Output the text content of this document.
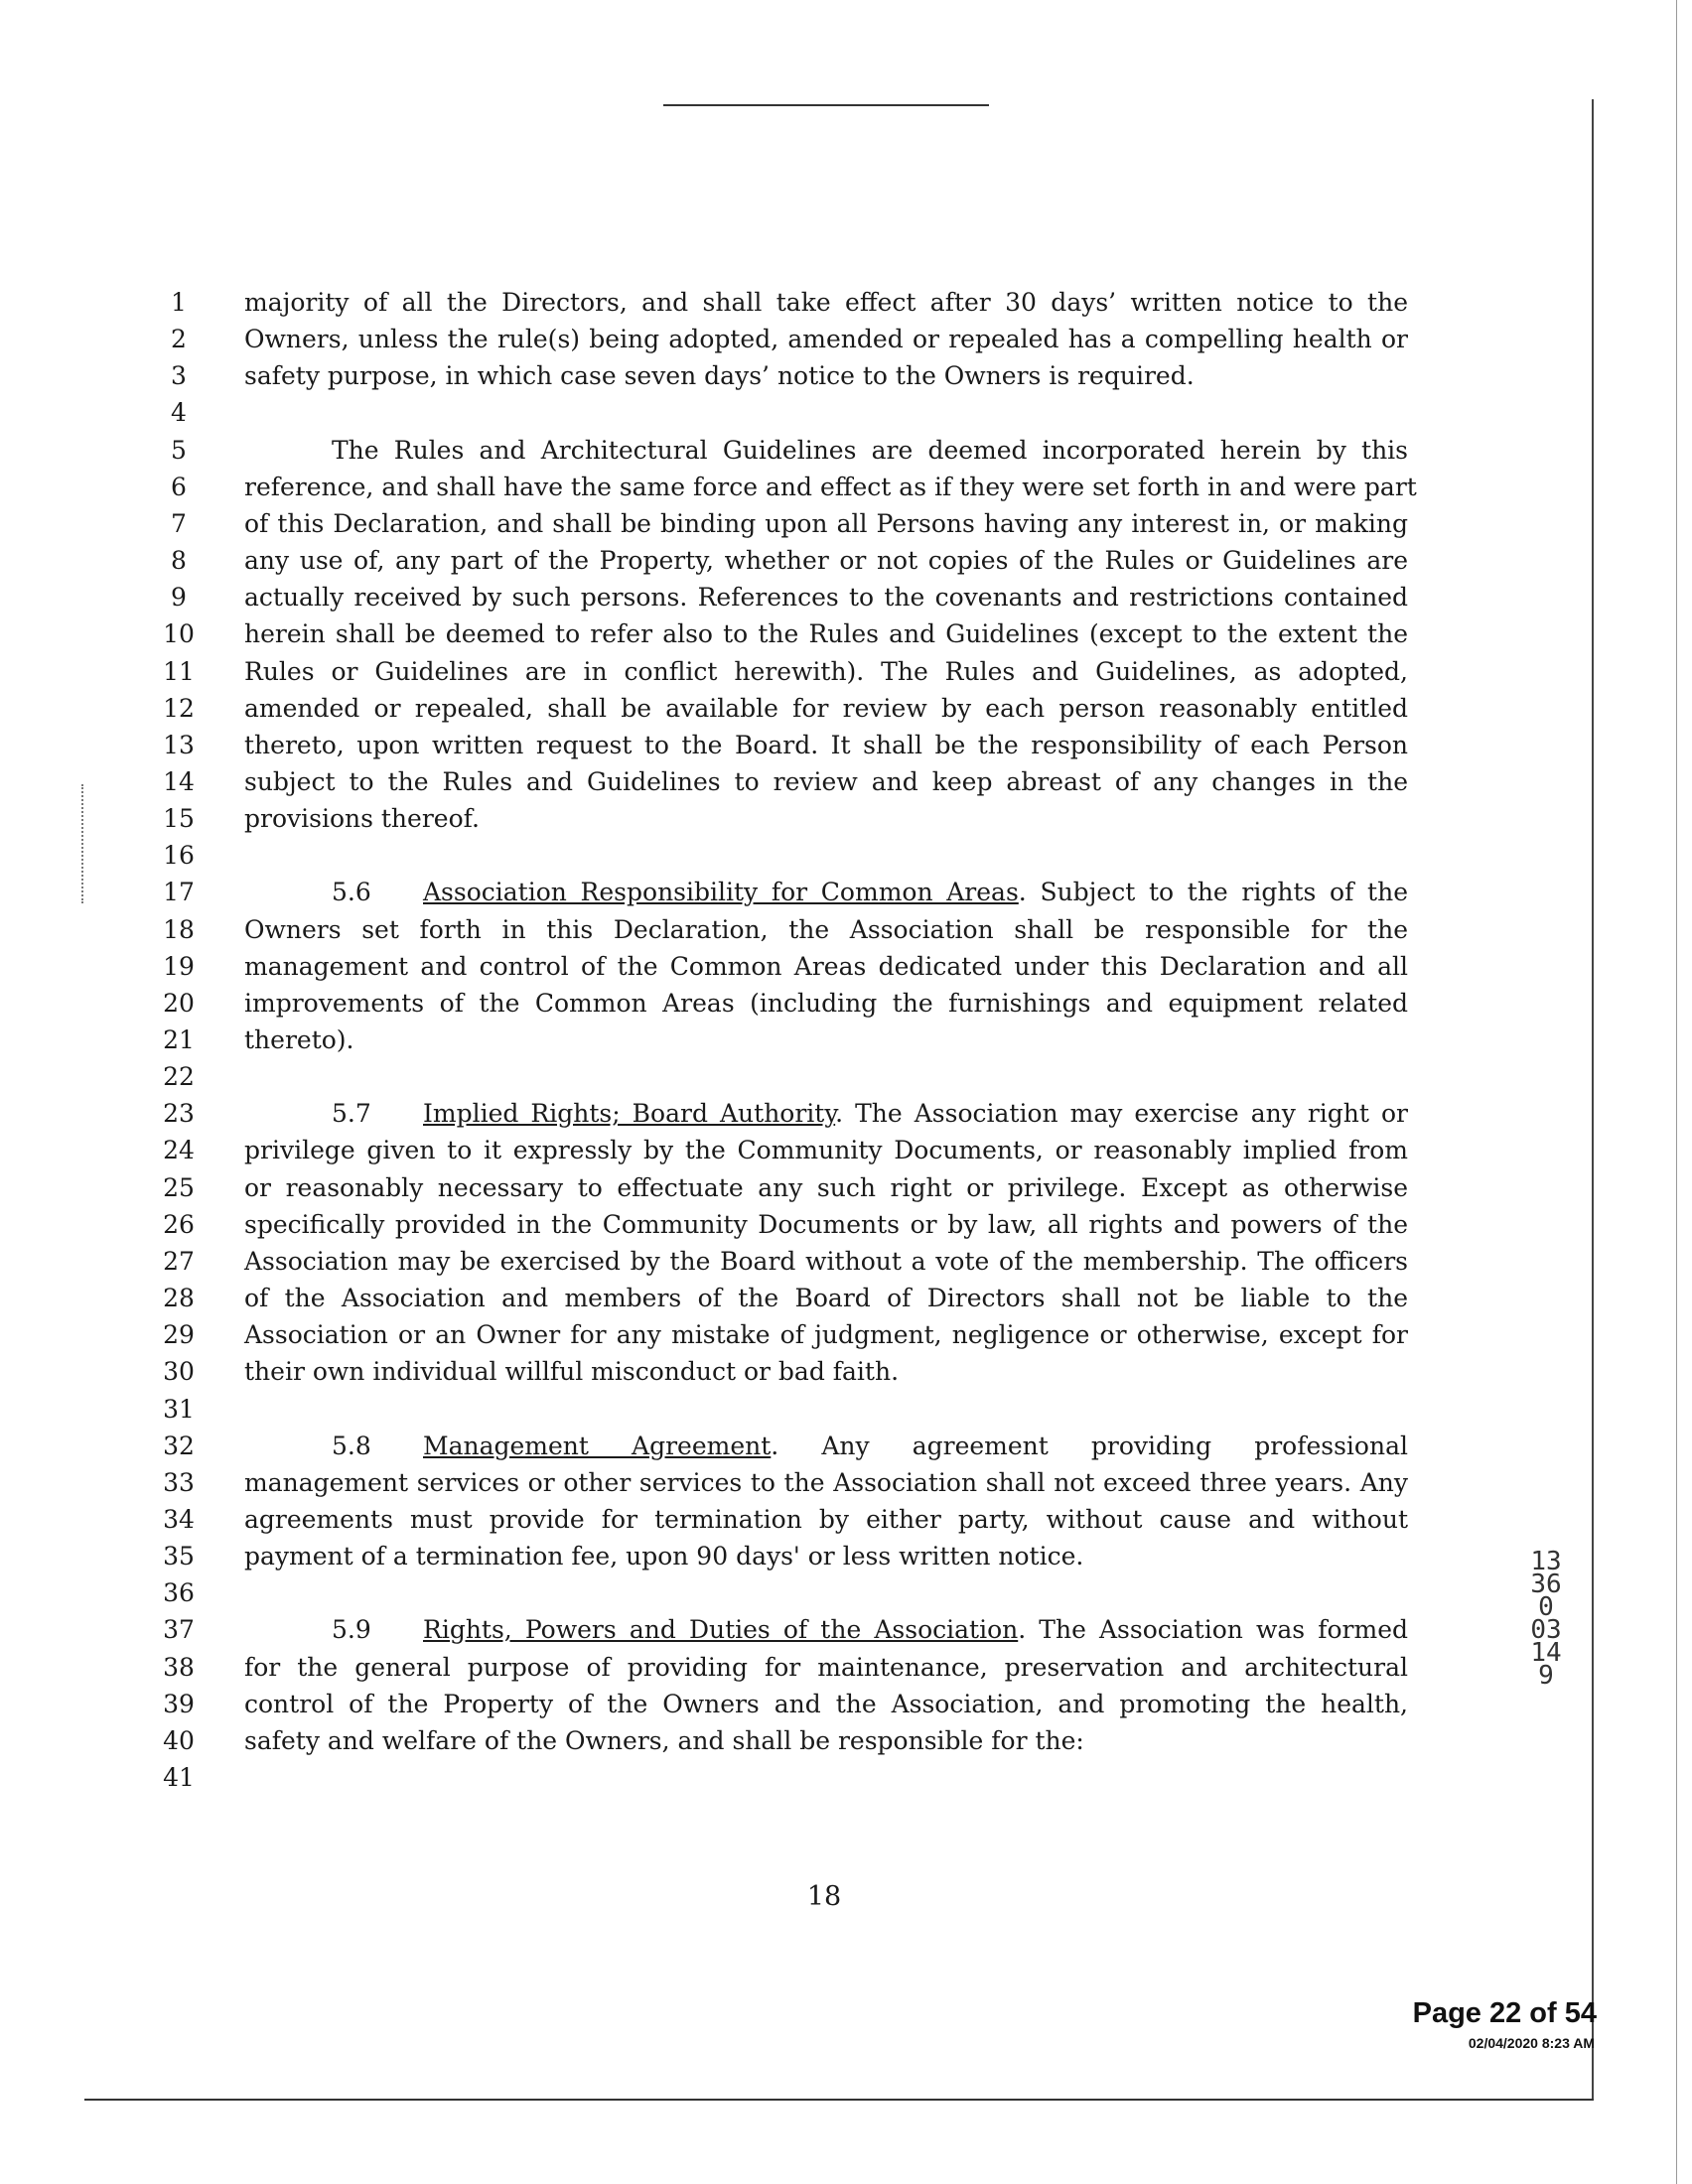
1	majority of all the Directors, and shall take effect after 30 days’ written notice to the
2	Owners, unless the rule(s) being adopted, amended or repealed has a compelling health or
3	safety purpose, in which case seven days’ notice to the Owners is required.
4
5	The Rules and Architectural Guidelines are deemed incorporated herein by this
6	reference, and shall have the same force and effect as if they were set forth in and were part
7	of this Declaration, and shall be binding upon all Persons having any interest in, or making
8	any use of, any part of the Property, whether or not copies of the Rules or Guidelines are
9	actually received by such persons. References to the covenants and restrictions contained
10	herein shall be deemed to refer also to the Rules and Guidelines (except to the extent the
11	Rules or Guidelines are in conflict herewith). The Rules and Guidelines, as adopted,
12	amended or repealed, shall be available for review by each person reasonably entitled
13	thereto, upon written request to the Board. It shall be the responsibility of each Person
14	subject to the Rules and Guidelines to review and keep abreast of any changes in the
15	provisions thereof.
16
17	5.6 Association Responsibility for Common Areas. Subject to the rights of the
18	Owners set forth in this Declaration, the Association shall be responsible for the
19	management and control of the Common Areas dedicated under this Declaration and all
20	improvements of the Common Areas (including the furnishings and equipment related
21	thereto).
22
23	5.7 Implied Rights; Board Authority. The Association may exercise any right or
24	privilege given to it expressly by the Community Documents, or reasonably implied from
25	or reasonably necessary to effectuate any such right or privilege. Except as otherwise
26	specifically provided in the Community Documents or by law, all rights and powers of the
27	Association may be exercised by the Board without a vote of the membership. The officers
28	of the Association and members of the Board of Directors shall not be liable to the
29	Association or an Owner for any mistake of judgment, negligence or otherwise, except for
30	their own individual willful misconduct or bad faith.
31
32	5.8 Management Agreement. Any agreement providing professional
33	management services or other services to the Association shall not exceed three years. Any
34	agreements must provide for termination by either party, without cause and without
35	payment of a termination fee, upon 90 days' or less written notice.
36
37	5.9 Rights, Powers and Duties of the Association. The Association was formed
38	for the general purpose of providing for maintenance, preservation and architectural
39	control of the Property of the Owners and the Association, and promoting the health,
40	safety and welfare of the Owners, and shall be responsible for the:
41
18
13360 03149
Page 22 of 54
02/04/2020 8:23 AM
